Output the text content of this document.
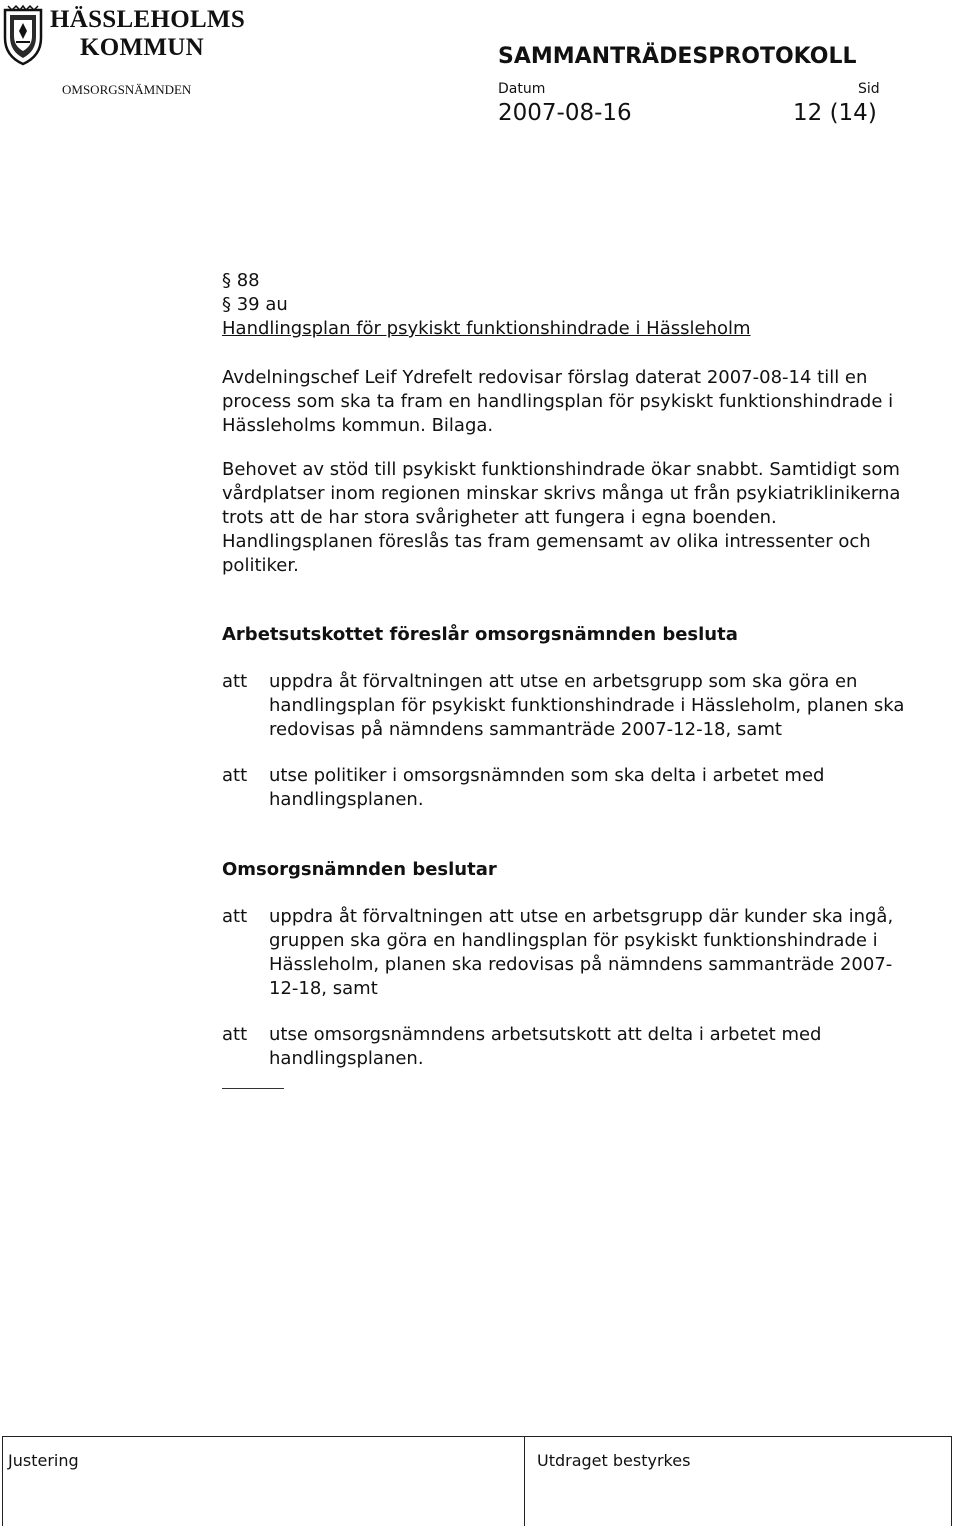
HÄSSLEHOLMS
KOMMUN	SAMMANTRÄDESPROTOKOLL
OMSORGSNÄMNDEN	Datum	Sid
2007-08-16	12 (14)
§ 88
§ 39 au
Handlingsplan för psykiskt funktionshindrade i Hässleholm
Avdelningschef Leif Ydrefelt redovisar förslag daterat 2007-08-14 till en
process som ska ta fram en handlingsplan för psykiskt funktionshindrade i
Hässleholms kommun. Bilaga.
Behovet av stöd till psykiskt funktionshindrade ökar snabbt. Samtidigt som
vårdplatser inom regionen minskar skrivs många ut från psykiatriklinikerna
trots att de har stora svårigheter att fungera i egna boenden.
Handlingsplanen föreslås tas fram gemensamt av olika intressenter och
politiker.
Arbetsutskottet föreslår omsorgsnämnden besluta
att uppdra åt förvaltningen att utse en arbetsgrupp som ska göra en
handlingsplan för psykiskt funktionshindrade i Hässleholm, planen ska
redovisas på nämndens sammanträde 2007-12-18, samt
att utse politiker i omsorgsnämnden som ska delta i arbetet med
handlingsplanen.
Omsorgsnämnden beslutar
att uppdra åt förvaltningen att utse en arbetsgrupp där kunder ska ingå,
gruppen ska göra en handlingsplan för psykiskt funktionshindrade i
Hässleholm, planen ska redovisas på nämndens sammanträde 2007-
12-18, samt
att utse omsorgsnämndens arbetsutskott att delta i arbetet med
handlingsplanen.
Justering	Utdraget bestyrkes
